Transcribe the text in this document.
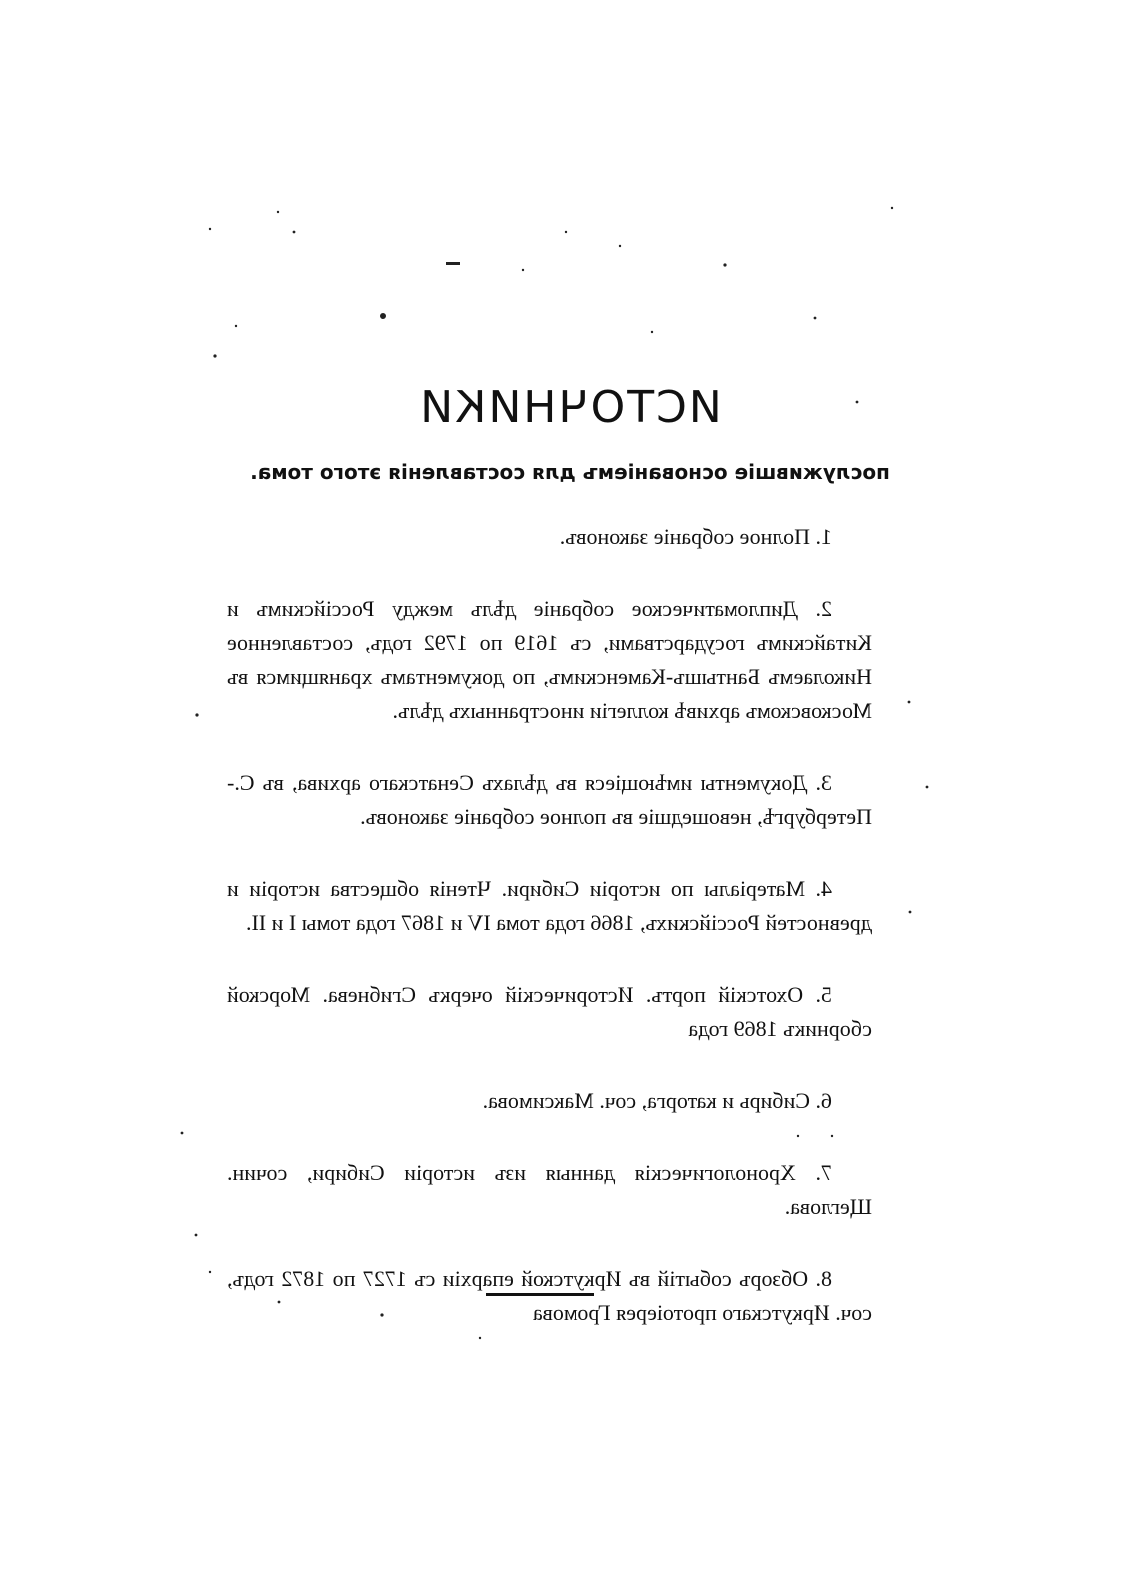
ИСТОЧНИКИ
послужившіе основаніемъ для составленія этого тома.

1. Полное собраніе законовъ.

2. Дипломатическое собраніе дѣлъ между Россійскимъ и Китайскимъ государствами, съ 1619 по 1792 годъ, составленное Николаемъ Бантышъ-Каменскимъ, по документамъ хранящимся въ Московскомъ архивѣ коллегіи иностранныхъ дѣлъ.

3. Документы имѣющіеся въ дѣлахъ Сенатскаго архива, въ С.-Петербургѣ, невошедшіе въ полное собраніе законовъ.

4. Матеріалы по исторіи Сибири. Чтенія общества исторіи и древностей Россійскихъ, 1866 года тома IV и 1867 года томы I и II.

5. Охотскій портъ. Историческій очеркъ Сгибнева. Морской сборникъ 1869 года

6. Сибирь и каторга, соч. Максимова.

7. Хронологическія данныя изъ исторіи Сибири, сочин. Щеглова.

8. Обзоръ событій въ Иркутской епархіи съ 1727 по 1872 годъ, соч. Иркутскаго протоіерея Громова
